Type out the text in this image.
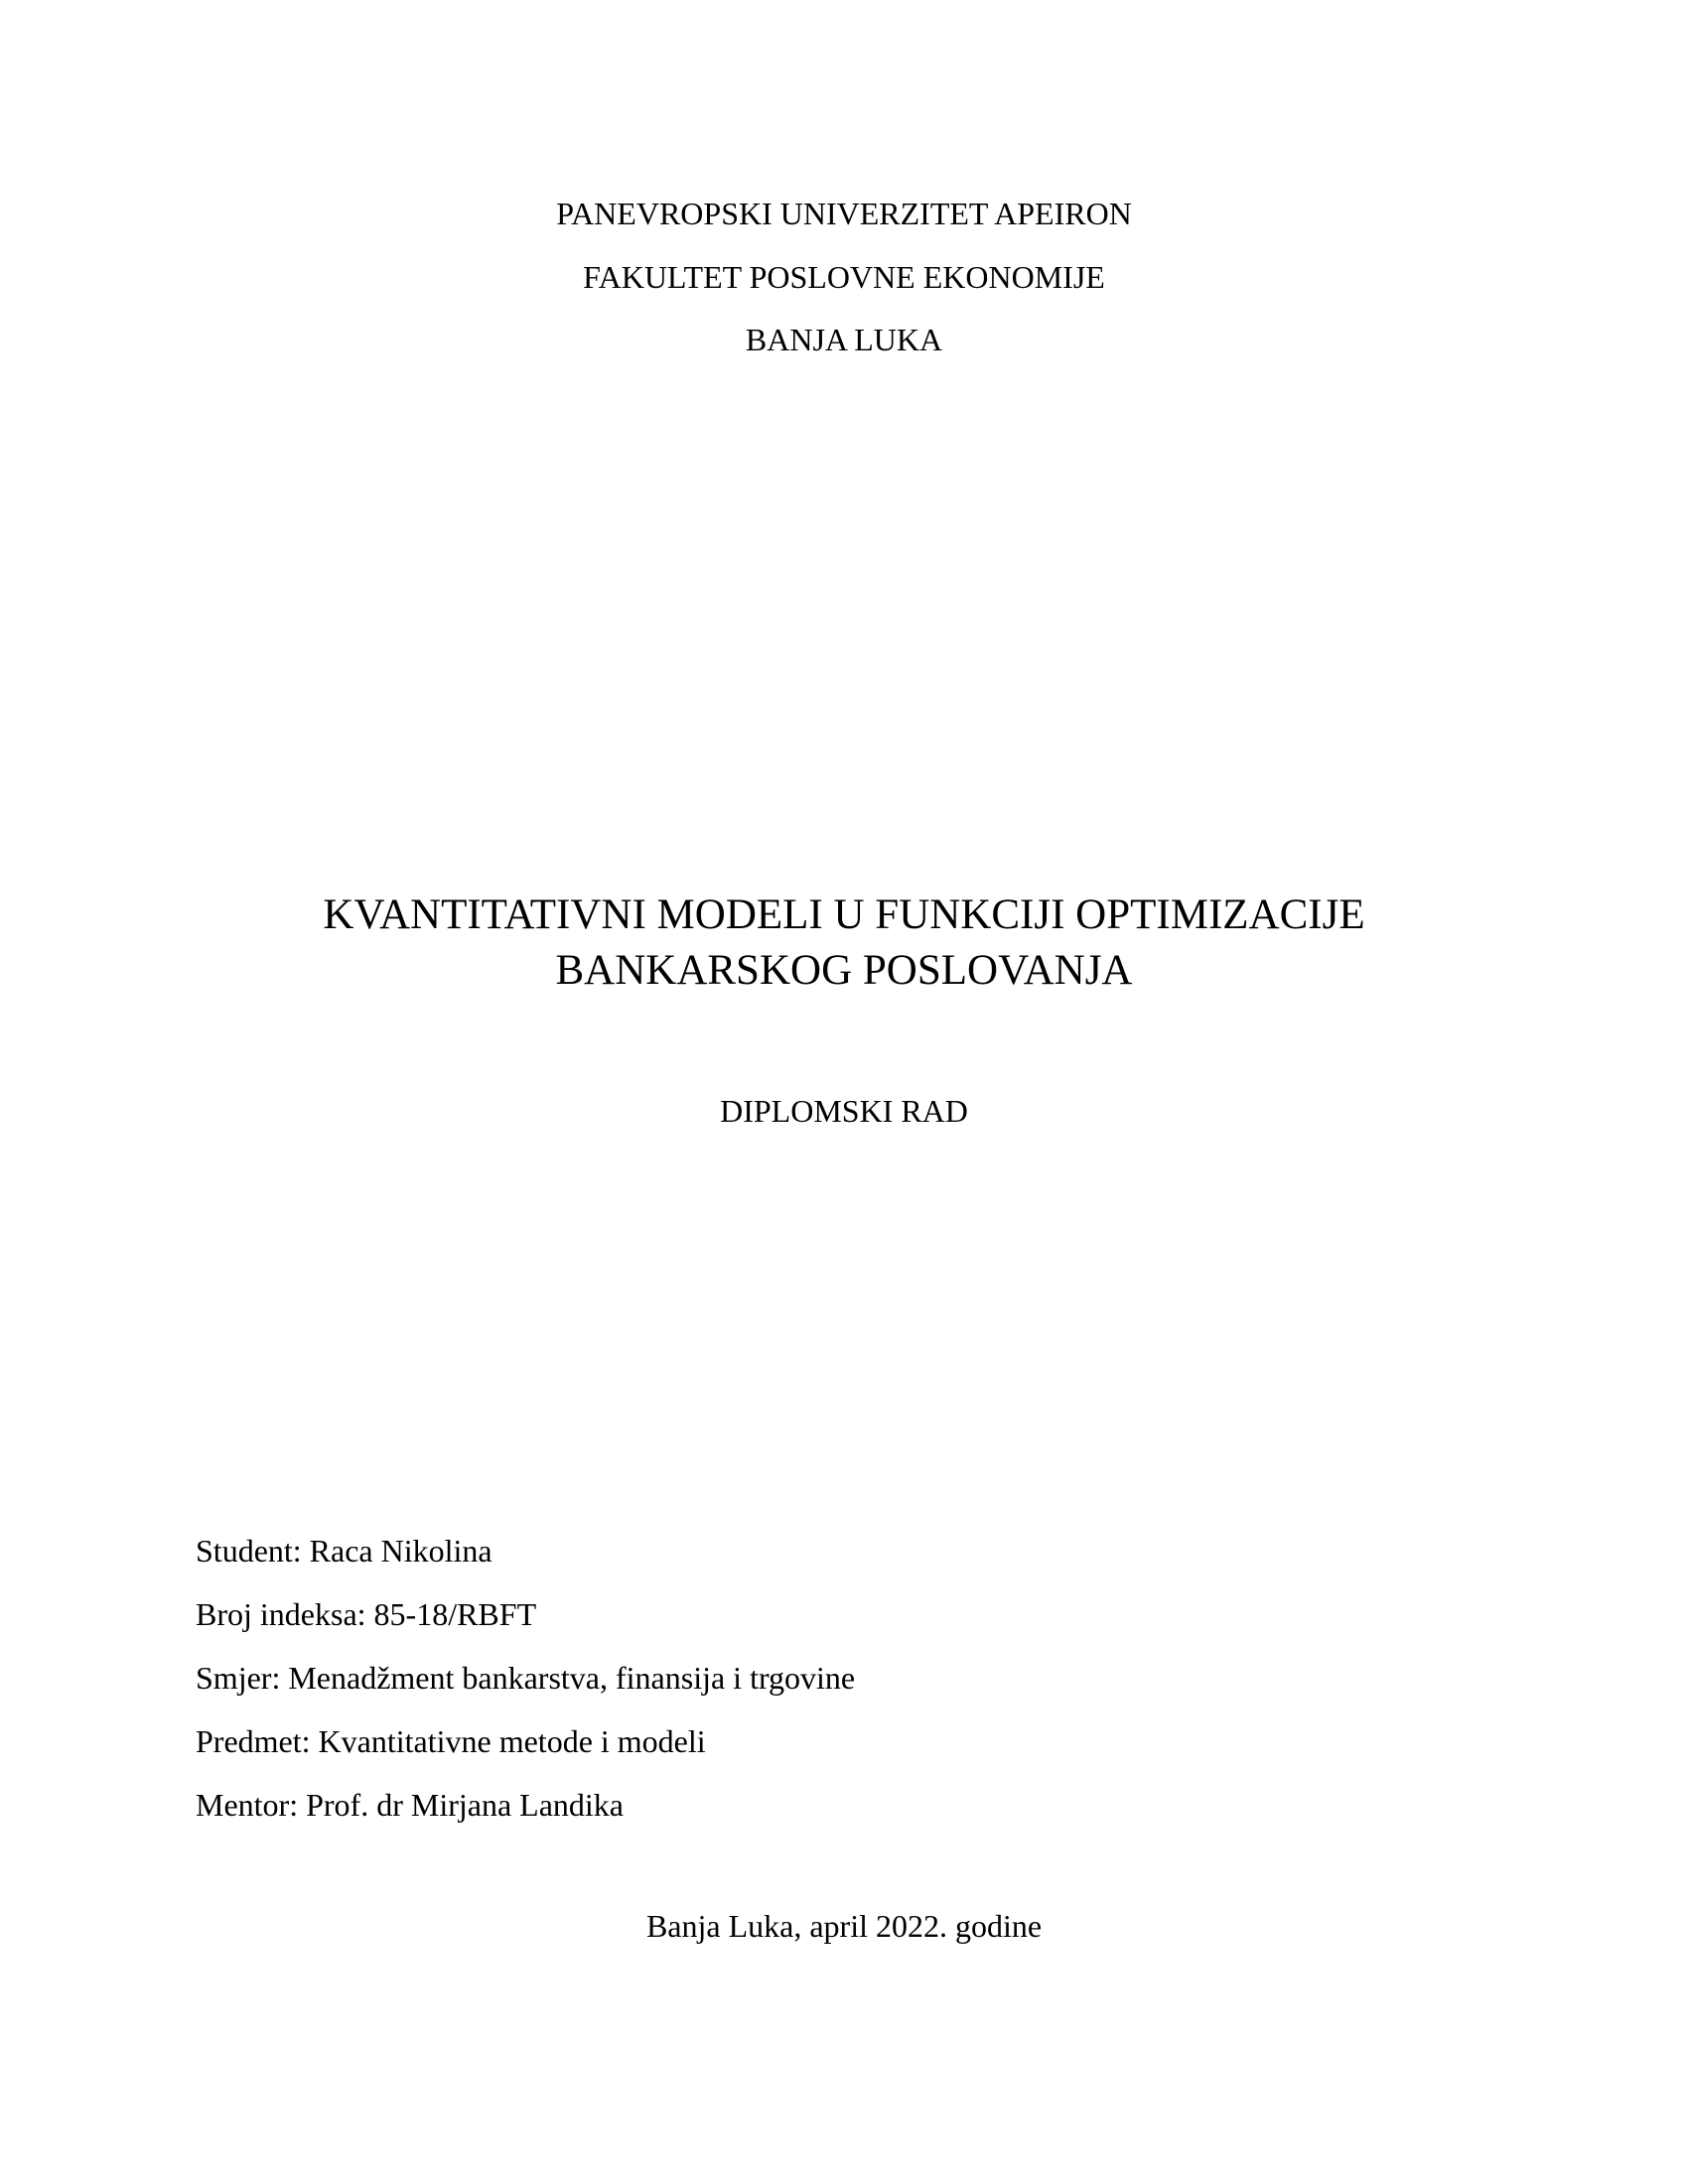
PANEVROPSKI UNIVERZITET APEIRON
FAKULTET POSLOVNE EKONOMIJE
BANJA LUKA
KVANTITATIVNI MODELI U FUNKCIJI OPTIMIZACIJE
BANKARSKOG POSLOVANJA
DIPLOMSKI RAD
Student: Raca Nikolina
Broj indeksa: 85-18/RBFT
Smjer: Menadžment bankarstva, finansija i trgovine
Predmet: Kvantitativne metode i modeli
Mentor: Prof. dr Mirjana Landika
Banja Luka, april 2022. godine
